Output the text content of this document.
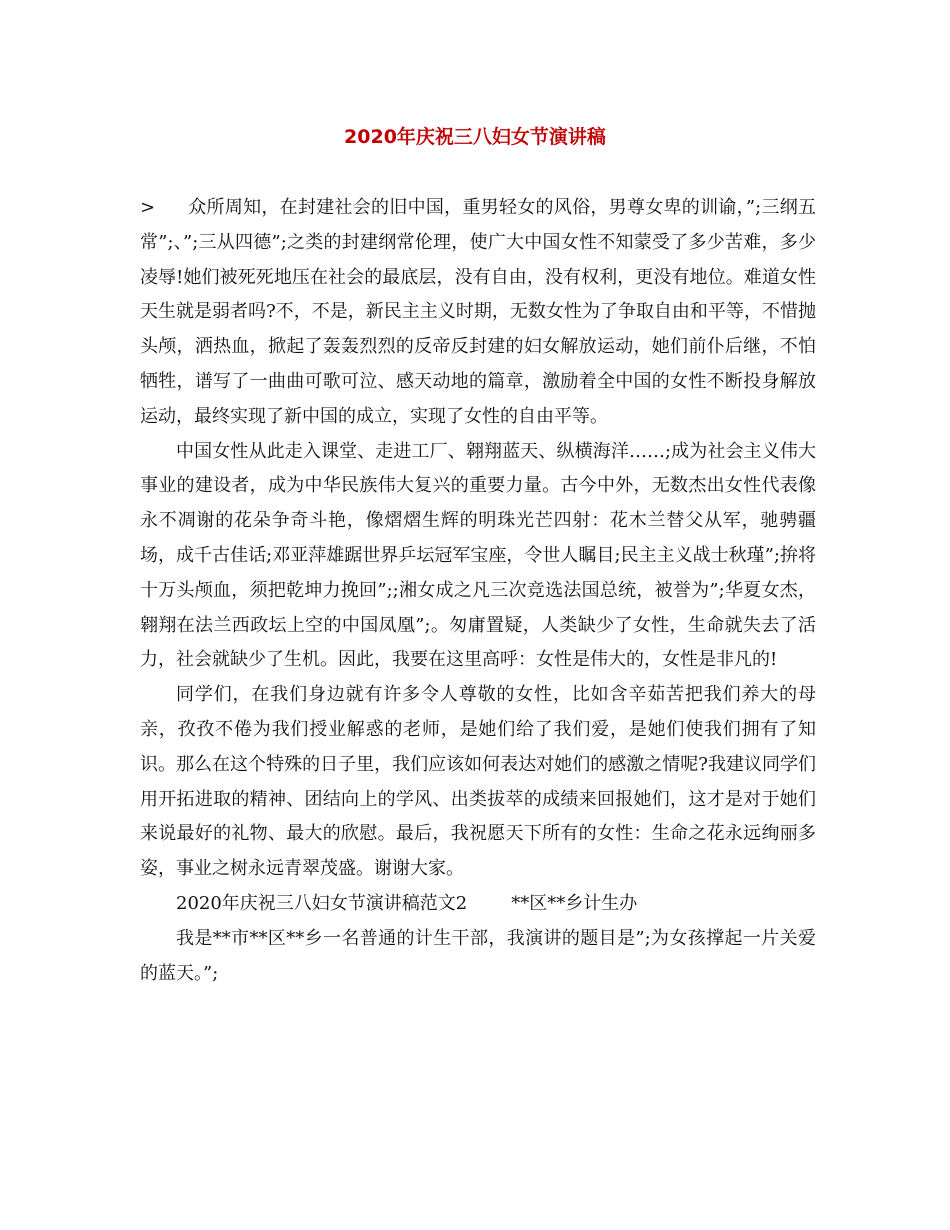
2020年庆祝三八妇女节演讲稿

> 众所周知，在封建社会的旧中国，重男轻女的风俗，男尊女卑的训谕，”;三纲五常”;、”;三从四德”;之类的封建纲常伦理，使广大中国女性不知蒙受了多少苦难，多少凌辱!她们被死死地压在社会的最底层，没有自由，没有权利，更没有地位。难道女性天生就是弱者吗?不，不是，新民主主义时期，无数女性为了争取自由和平等，不惜抛头颅，洒热血，掀起了轰轰烈烈的反帝反封建的妇女解放运动，她们前仆后继，不怕牺牲，谱写了一曲曲可歌可泣、感天动地的篇章，激励着全中国的女性不断投身解放运动，最终实现了新中国的成立，实现了女性的自由平等。

中国女性从此走入课堂、走进工厂、翱翔蓝天、纵横海洋……;成为社会主义伟大事业的建设者，成为中华民族伟大复兴的重要力量。古今中外，无数杰出女性代表像永不凋谢的花朵争奇斗艳，像熠熠生辉的明珠光芒四射：花木兰替父从军，驰骋疆场，成千古佳话;邓亚萍雄踞世界乒坛冠军宝座，令世人瞩目;民主主义战士秋瑾”;拚将十万头颅血，须把乾坤力挽回”;;湘女成之凡三次竞选法国总统，被誉为”;华夏女杰，翱翔在法兰西政坛上空的中国凤凰”;。匆庸置疑，人类缺少了女性，生命就失去了活力，社会就缺少了生机。因此，我要在这里高呼：女性是伟大的，女性是非凡的!

同学们，在我们身边就有许多令人尊敬的女性，比如含辛茹苦把我们养大的母亲，孜孜不倦为我们授业解惑的老师，是她们给了我们爱，是她们使我们拥有了知识。那么在这个特殊的日子里，我们应该如何表达对她们的感激之情呢?我建议同学们用开拓进取的精神、团结向上的学风、出类拔萃的成绩来回报她们，这才是对于她们来说最好的礼物、最大的欣慰。最后，我祝愿天下所有的女性：生命之花永远绚丽多姿，事业之树永远青翠茂盛。谢谢大家。

2020年庆祝三八妇女节演讲稿范文2 **区**乡计生办

我是**市**区**乡一名普通的计生干部，我演讲的题目是”;为女孩撑起一片关爱的蓝天。”;
